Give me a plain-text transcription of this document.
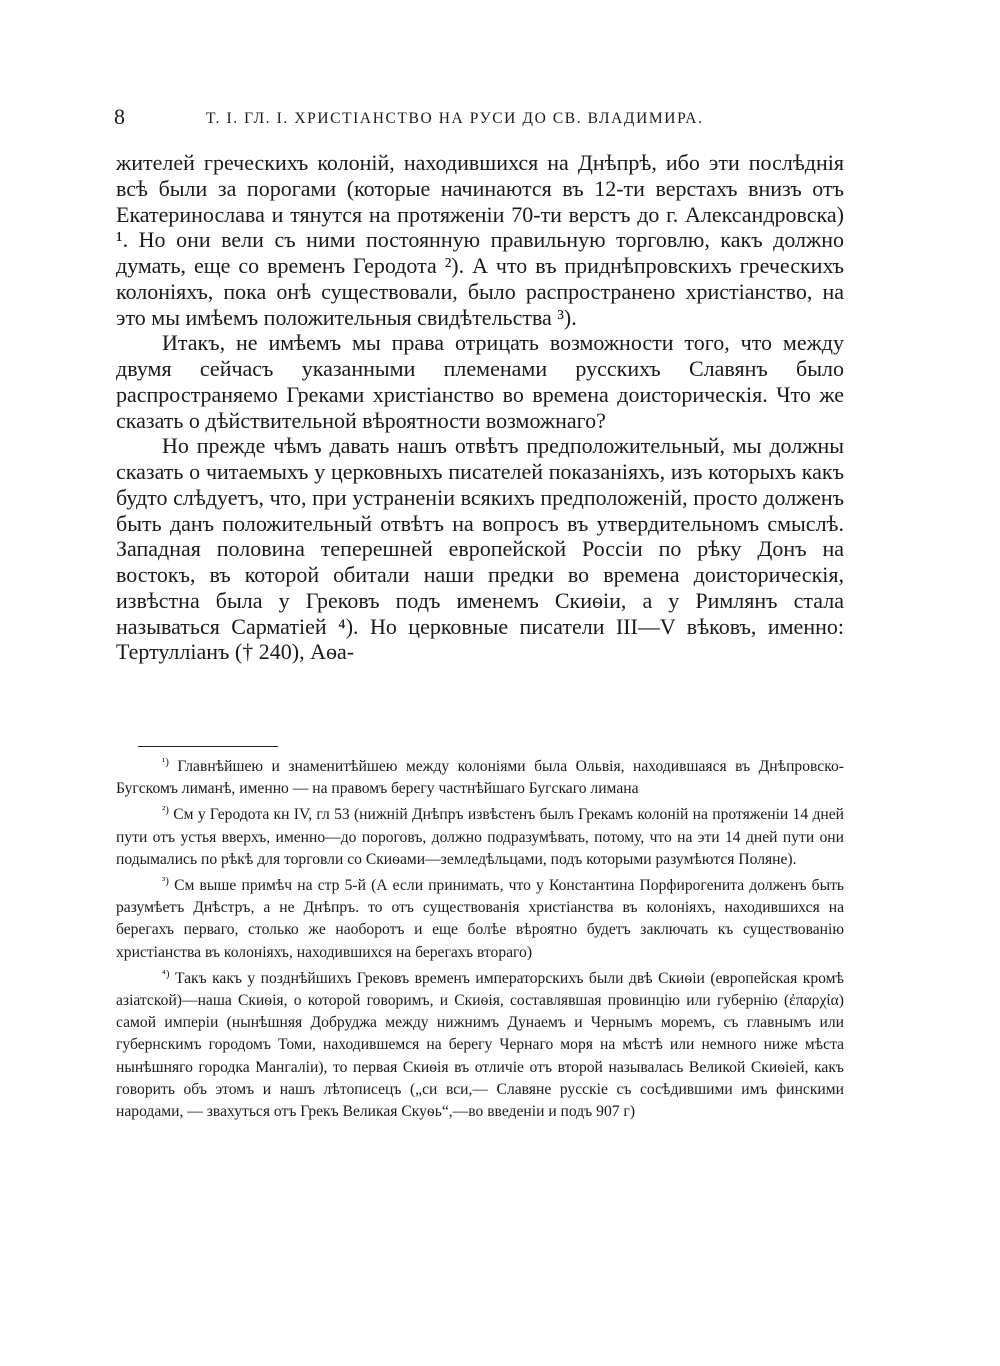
8	Т. I. ГЛ. I. ХРИСТІАНСТВО НА РУСИ ДО СВ. ВЛАДИМИРА.

жителей греческихъ колоній, находившихся на Днѣпрѣ, ибо эти послѣднія всѣ были за порогами (которые начинаются въ 12-ти верстахъ внизъ отъ Екатеринослава и тянутся на протяженіи 70-ти верстъ до г. Александровска) ¹. Но они вели съ ними постоянную правильную торговлю, какъ должно думать, еще со временъ Геродота ²). А что въ приднѣпровскихъ греческихъ колоніяхъ, пока онѣ существовали, было распространено христіанство, на это мы имѣемъ положительныя свидѣтельства ³).

Итакъ, не имѣемъ мы права отрицать возможности того, что между двумя сейчасъ указанными племенами русскихъ Славянъ было распространяемо Греками христіанство во времена доисторическія. Что же сказать о дѣйствительной вѣроятности возможнаго?

Но прежде чѣмъ давать нашъ отвѣтъ предположительный, мы должны сказать о читаемыхъ у церковныхъ писателей показаніяхъ, изъ которыхъ какъ будто слѣдуетъ, что, при устраненіи всякихъ предположеній, просто долженъ быть данъ положительный отвѣтъ на вопросъ въ утвердительномъ смыслѣ. Западная половина теперешней европейской Россіи по рѣку Донъ на востокъ, въ которой обитали наши предки во времена доисторическія, извѣстна была у Грековъ подъ именемъ Скиѳіи, а у Римлянъ стала называться Сарматіей ⁴). Но церковные писатели III—V вѣковъ, именно: Тертулліанъ († 240), Аѳа-

$^{^1)}$ Главнѣйшею и знаменитѣйшею между колоніями была Ольвія, находившаяся въ Днѣпровско-Бугскомъ лиманѣ, именно — на правомъ берегу частнѣйшаго Бугскаго лимана

$^{^2)}$ См у Геродота кн IV, гл 53 (нижній Днѣпръ извѣстенъ былъ Грекамъ колоній на протяженіи 14 дней пути отъ устья вверхъ, именно—до пороговъ, должно подразумѣвать, потому, что на эти 14 дней пути они подымались по рѣкѣ для торговли со Скиѳами—земледѣльцами, подъ которыми разумѣются Поляне).

$^{^3)}$ См выше примѣч на стр 5-й (А если принимать, что у Константина Порфирогенита долженъ быть разумѣетъ Днѣстръ, а не Днѣпръ. то отъ существованія христіанства въ колоніяхъ, находившихся на берегахъ перваго, столько же наоборотъ и еще болѣе вѣроятно будетъ заключать къ существованію христіанства въ колоніяхъ, находившихся на берегахъ втораго)

$^{^4)}$ Такъ какъ у позднѣйшихъ Грековъ временъ императорскихъ были двѣ Скиѳіи (европейская кромѣ азіатской)—наша Скиѳія, о которой говоримъ, и Скиѳія, составлявшая провинцію или губернію (ἐπαρχία) самой имперіи (нынѣшняя Добруджа между нижнимъ Дунаемъ и Чернымъ моремъ, съ главнымъ или губернскимъ городомъ Томи, находившемся на берегу Чернаго моря на мѣстѣ или немного ниже мѣста нынѣшняго городка Мангаліи), то первая Скиѳія въ отличіе отъ второй называлась Великой Скиѳіей, какъ говорить объ этомъ и нашъ лѣтописецъ („си вси,— Славяне русскіе съ сосѣдившими имъ финскими народами, — звахуться отъ Грекъ Великая Скуѳь“,—во введеніи и подъ 907 г)
